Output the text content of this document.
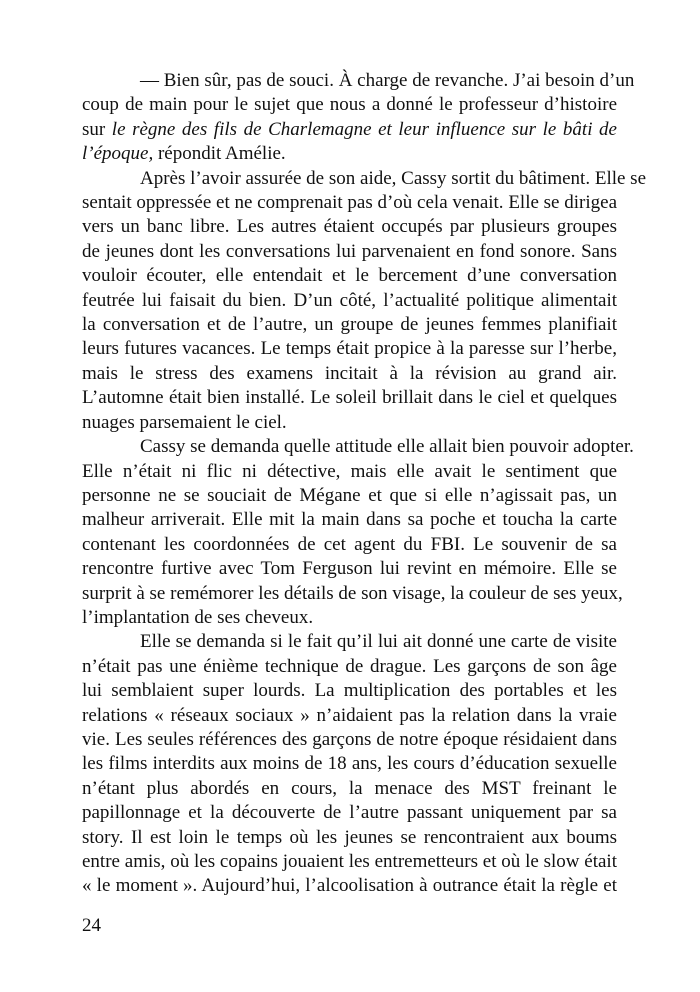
— Bien sûr, pas de souci. À charge de revanche. J’ai besoin d’un
coup de main pour le sujet que nous a donné le professeur d’histoire
sur le règne des fils de Charlemagne et leur influence sur le bâti de
l’époque, répondit Amélie.
Après l’avoir assurée de son aide, Cassy sortit du bâtiment. Elle se
sentait oppressée et ne comprenait pas d’où cela venait. Elle se dirigea
vers un banc libre. Les autres étaient occupés par plusieurs groupes
de jeunes dont les conversations lui parvenaient en fond sonore. Sans
vouloir écouter, elle entendait et le bercement d’une conversation
feutrée lui faisait du bien. D’un côté, l’actualité politique alimentait
la conversation et de l’autre, un groupe de jeunes femmes planifiait
leurs futures vacances. Le temps était propice à la paresse sur l’herbe,
mais le stress des examens incitait à la révision au grand air.
L’automne était bien installé. Le soleil brillait dans le ciel et quelques
nuages parsemaient le ciel.
Cassy se demanda quelle attitude elle allait bien pouvoir adopter.
Elle n’était ni flic ni détective, mais elle avait le sentiment que
personne ne se souciait de Mégane et que si elle n’agissait pas, un
malheur arriverait. Elle mit la main dans sa poche et toucha la carte
contenant les coordonnées de cet agent du FBI. Le souvenir de sa
rencontre furtive avec Tom Ferguson lui revint en mémoire. Elle se
surprit à se remémorer les détails de son visage, la couleur de ses yeux,
l’implantation de ses cheveux.
Elle se demanda si le fait qu’il lui ait donné une carte de visite
n’était pas une énième technique de drague. Les garçons de son âge
lui semblaient super lourds. La multiplication des portables et les
relations « réseaux sociaux » n’aidaient pas la relation dans la vraie
vie. Les seules références des garçons de notre époque résidaient dans
les films interdits aux moins de 18 ans, les cours d’éducation sexuelle
n’étant plus abordés en cours, la menace des MST freinant le
papillonnage et la découverte de l’autre passant uniquement par sa
story. Il est loin le temps où les jeunes se rencontraient aux boums
entre amis, où les copains jouaient les entremetteurs et où le slow était
« le moment ». Aujourd’hui, l’alcoolisation à outrance était la règle et
24
